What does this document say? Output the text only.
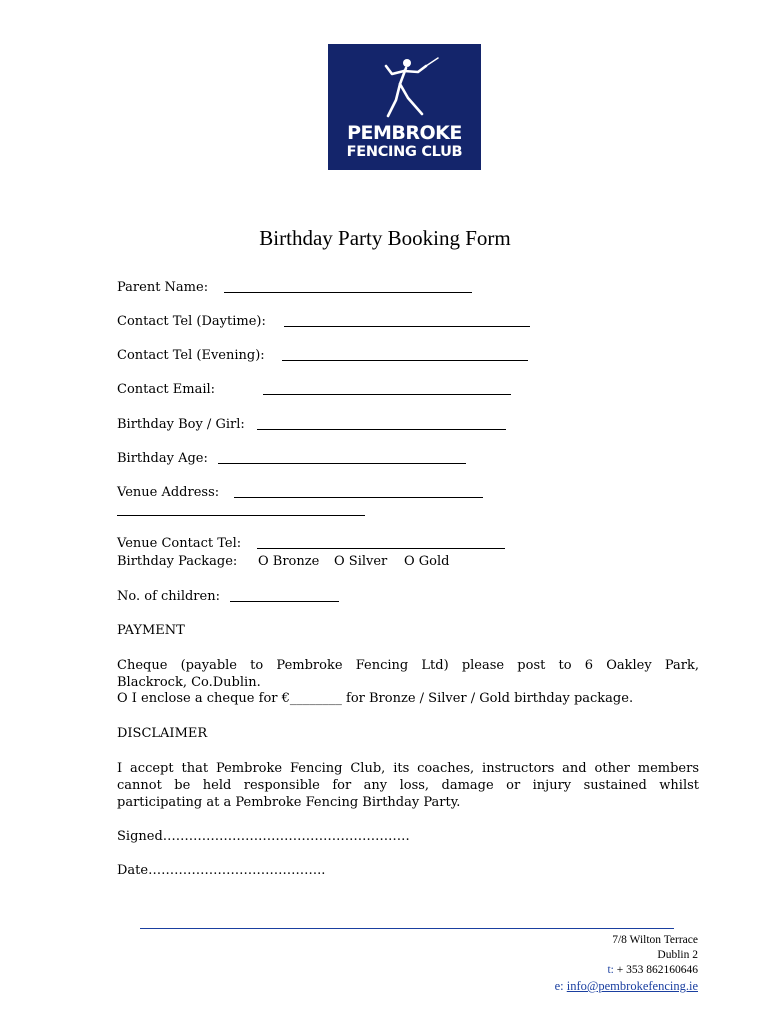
PEMBROKE
FENCING CLUB
Birthday Party Booking Form
Parent Name:
Contact Tel (Daytime):
Contact Tel (Evening):
Contact Email:
Birthday Boy / Girl:
Birthday Age:
Venue Address:
Venue Contact Tel:
Birthday Package: O Bronze O Silver O Gold
No. of children:
PAYMENT
Cheque (payable to Pembroke Fencing Ltd) please post to 6 Oakley Park,
Blackrock, Co.Dublin.
O I enclose a cheque for €________ for Bronze / Silver / Gold birthday package.
DISCLAIMER
I accept that Pembroke Fencing Club, its coaches, instructors and other members
cannot be held responsible for any loss, damage or injury sustained whilst
participating at a Pembroke Fencing Birthday Party.
Signed…………………………………………………
Date…………………………………..
7/8 Wilton Terrace
Dublin 2
t: + 353 862160646
e: info@pembrokefencing.ie
